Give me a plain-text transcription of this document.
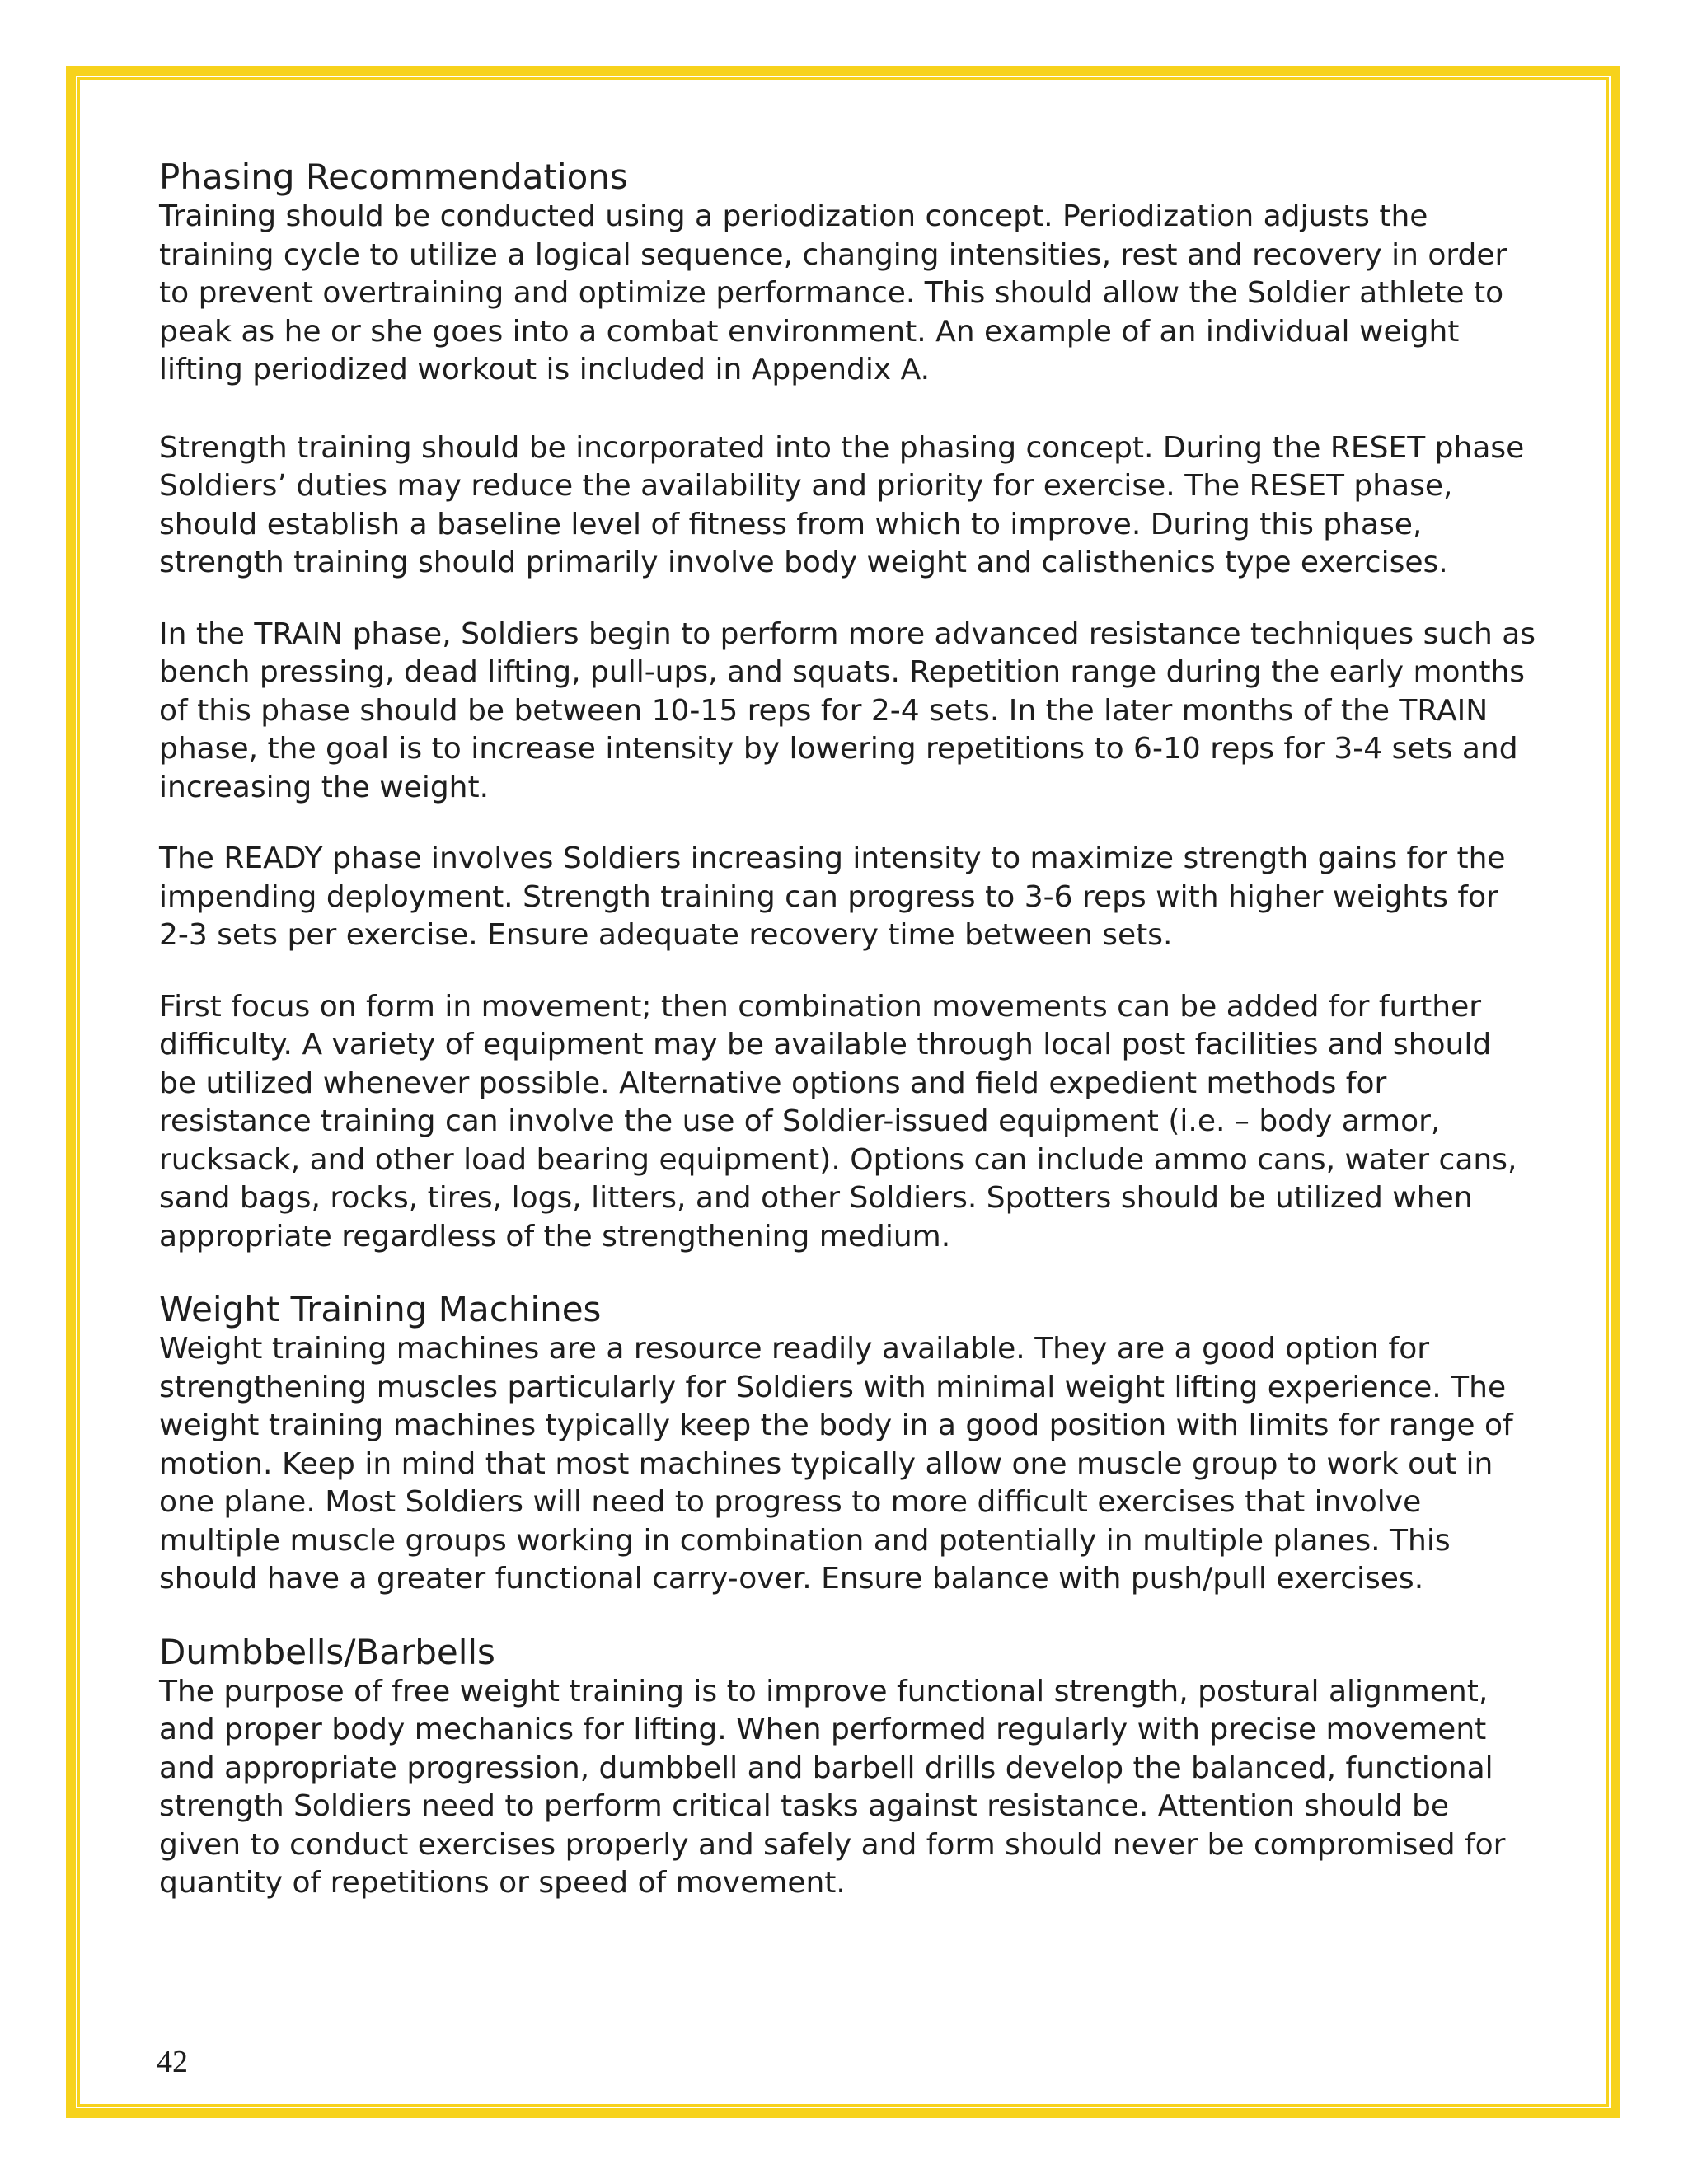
Phasing Recommendations

Training should be conducted using a periodization concept. Periodization adjusts the
training cycle to utilize a logical sequence, changing intensities, rest and recovery in order
to prevent overtraining and optimize performance. This should allow the Soldier athlete to
peak as he or she goes into a combat environment. An example of an individual weight
lifting periodized workout is included in Appendix A.

Strength training should be incorporated into the phasing concept. During the RESET phase
Soldiers’ duties may reduce the availability and priority for exercise. The RESET phase,
should establish a baseline level of fitness from which to improve. During this phase,
strength training should primarily involve body weight and calisthenics type exercises.

In the TRAIN phase, Soldiers begin to perform more advanced resistance techniques such as
bench pressing, dead lifting, pull-ups, and squats. Repetition range during the early months
of this phase should be between 10-15 reps for 2-4 sets. In the later months of the TRAIN
phase, the goal is to increase intensity by lowering repetitions to 6-10 reps for 3-4 sets and
increasing the weight.

The READY phase involves Soldiers increasing intensity to maximize strength gains for the
impending deployment. Strength training can progress to 3-6 reps with higher weights for
2-3 sets per exercise. Ensure adequate recovery time between sets.

First focus on form in movement; then combination movements can be added for further
difficulty. A variety of equipment may be available through local post facilities and should
be utilized whenever possible. Alternative options and field expedient methods for
resistance training can involve the use of Soldier-issued equipment (i.e. – body armor,
rucksack, and other load bearing equipment). Options can include ammo cans, water cans,
sand bags, rocks, tires, logs, litters, and other Soldiers. Spotters should be utilized when
appropriate regardless of the strengthening medium.

Weight Training Machines

Weight training machines are a resource readily available. They are a good option for
strengthening muscles particularly for Soldiers with minimal weight lifting experience. The
weight training machines typically keep the body in a good position with limits for range of
motion. Keep in mind that most machines typically allow one muscle group to work out in
one plane. Most Soldiers will need to progress to more difficult exercises that involve
multiple muscle groups working in combination and potentially in multiple planes. This
should have a greater functional carry-over. Ensure balance with push/pull exercises.

Dumbbells/Barbells

The purpose of free weight training is to improve functional strength, postural alignment,
and proper body mechanics for lifting. When performed regularly with precise movement
and appropriate progression, dumbbell and barbell drills develop the balanced, functional
strength Soldiers need to perform critical tasks against resistance. Attention should be
given to conduct exercises properly and safely and form should never be compromised for
quantity of repetitions or speed of movement.

42
